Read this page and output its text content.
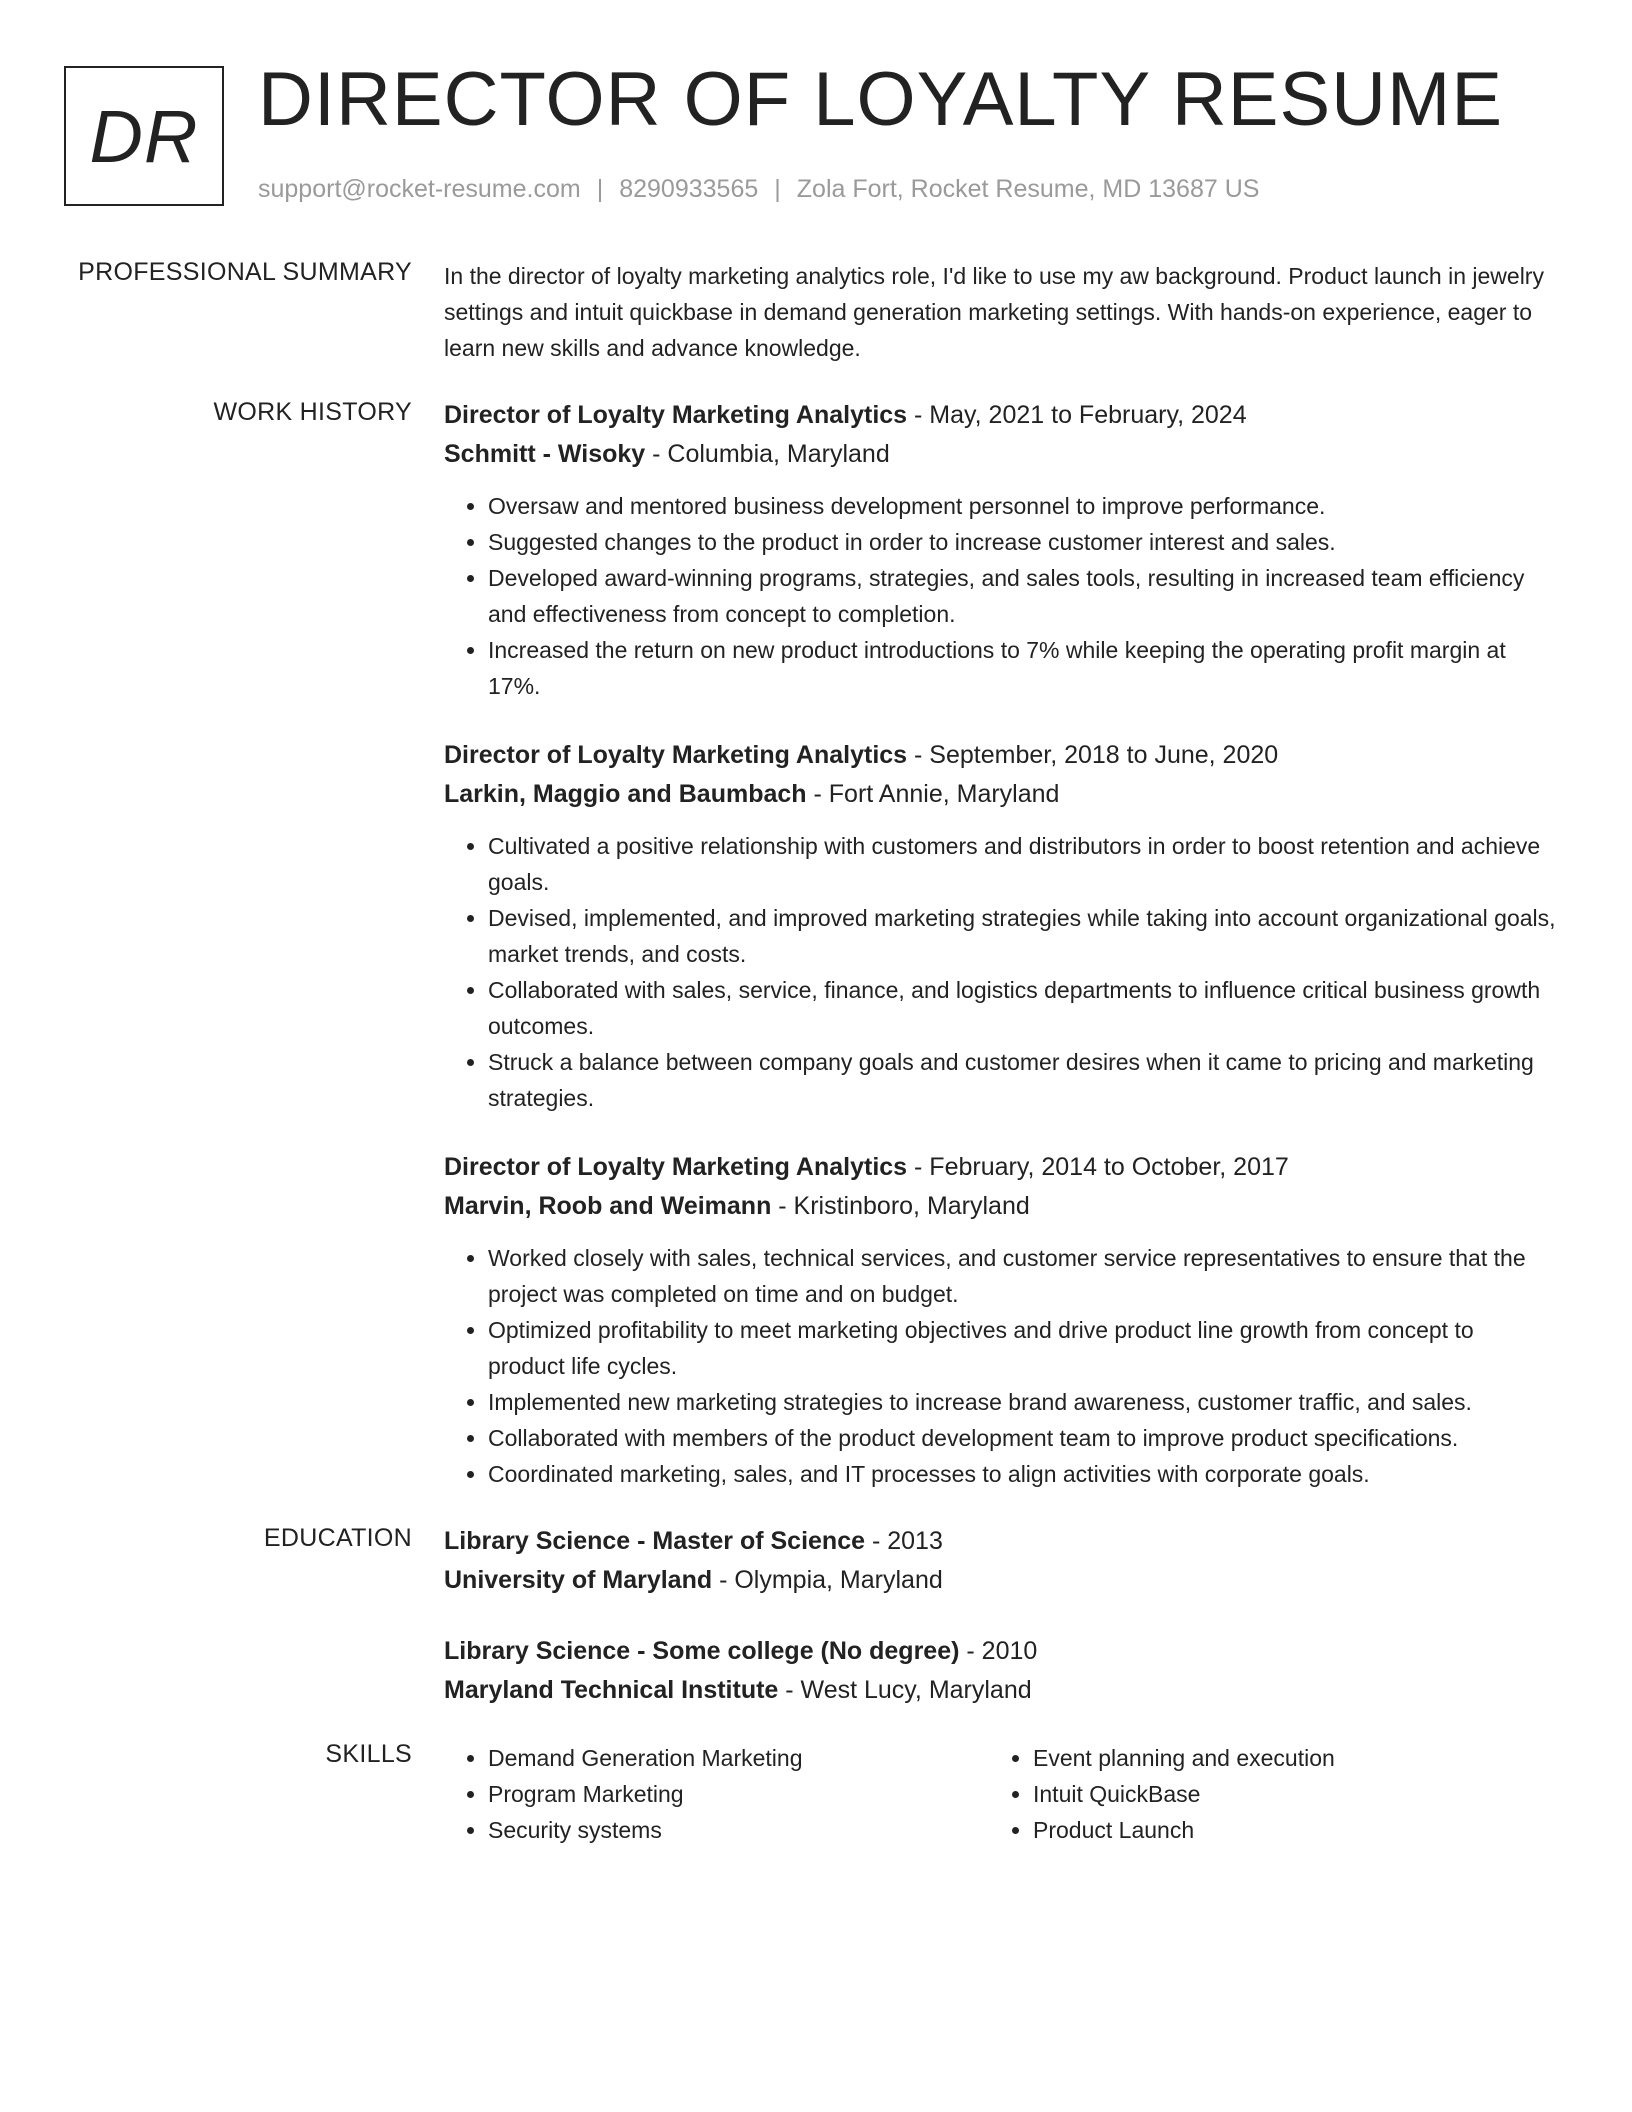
DR DIRECTOR OF LOYALTY RESUME
support@rocket-resume.com | 8290933565 | Zola Fort, Rocket Resume, MD 13687 US
PROFESSIONAL SUMMARY In the director of loyalty marketing analytics role, I'd like to use my aw background. Product launch in jewelry settings and intuit quickbase in demand generation marketing settings. With hands-on experience, eager to learn new skills and advance knowledge.

WORK HISTORY Director of Loyalty Marketing Analytics - May, 2021 to February, 2024
Schmitt - Wisoky - Columbia, Maryland
• Oversaw and mentored business development personnel to improve performance.
• Suggested changes to the product in order to increase customer interest and sales.
• Developed award-winning programs, strategies, and sales tools, resulting in increased team efficiency and effectiveness from concept to completion.
• Increased the return on new product introductions to 7% while keeping the operating profit margin at 17%.
Director of Loyalty Marketing Analytics - September, 2018 to June, 2020
Larkin, Maggio and Baumbach - Fort Annie, Maryland
• Cultivated a positive relationship with customers and distributors in order to boost retention and achieve goals.
• Devised, implemented, and improved marketing strategies while taking into account organizational goals, market trends, and costs.
• Collaborated with sales, service, finance, and logistics departments to influence critical business growth outcomes.
• Struck a balance between company goals and customer desires when it came to pricing and marketing strategies.
Director of Loyalty Marketing Analytics - February, 2014 to October, 2017
Marvin, Roob and Weimann - Kristinboro, Maryland
• Worked closely with sales, technical services, and customer service representatives to ensure that the project was completed on time and on budget.
• Optimized profitability to meet marketing objectives and drive product line growth from concept to product life cycles.
• Implemented new marketing strategies to increase brand awareness, customer traffic, and sales.
• Collaborated with members of the product development team to improve product specifications.
• Coordinated marketing, sales, and IT processes to align activities with corporate goals.
EDUCATION Library Science - Master of Science - 2013
University of Maryland - Olympia, Maryland
Library Science - Some college (No degree) - 2010
Maryland Technical Institute - West Lucy, Maryland
SKILLS
•	Demand Generation Marketing
• Program Marketing
• Security systems
• Event planning and execution
• Intuit QuickBase
• Product Launch
